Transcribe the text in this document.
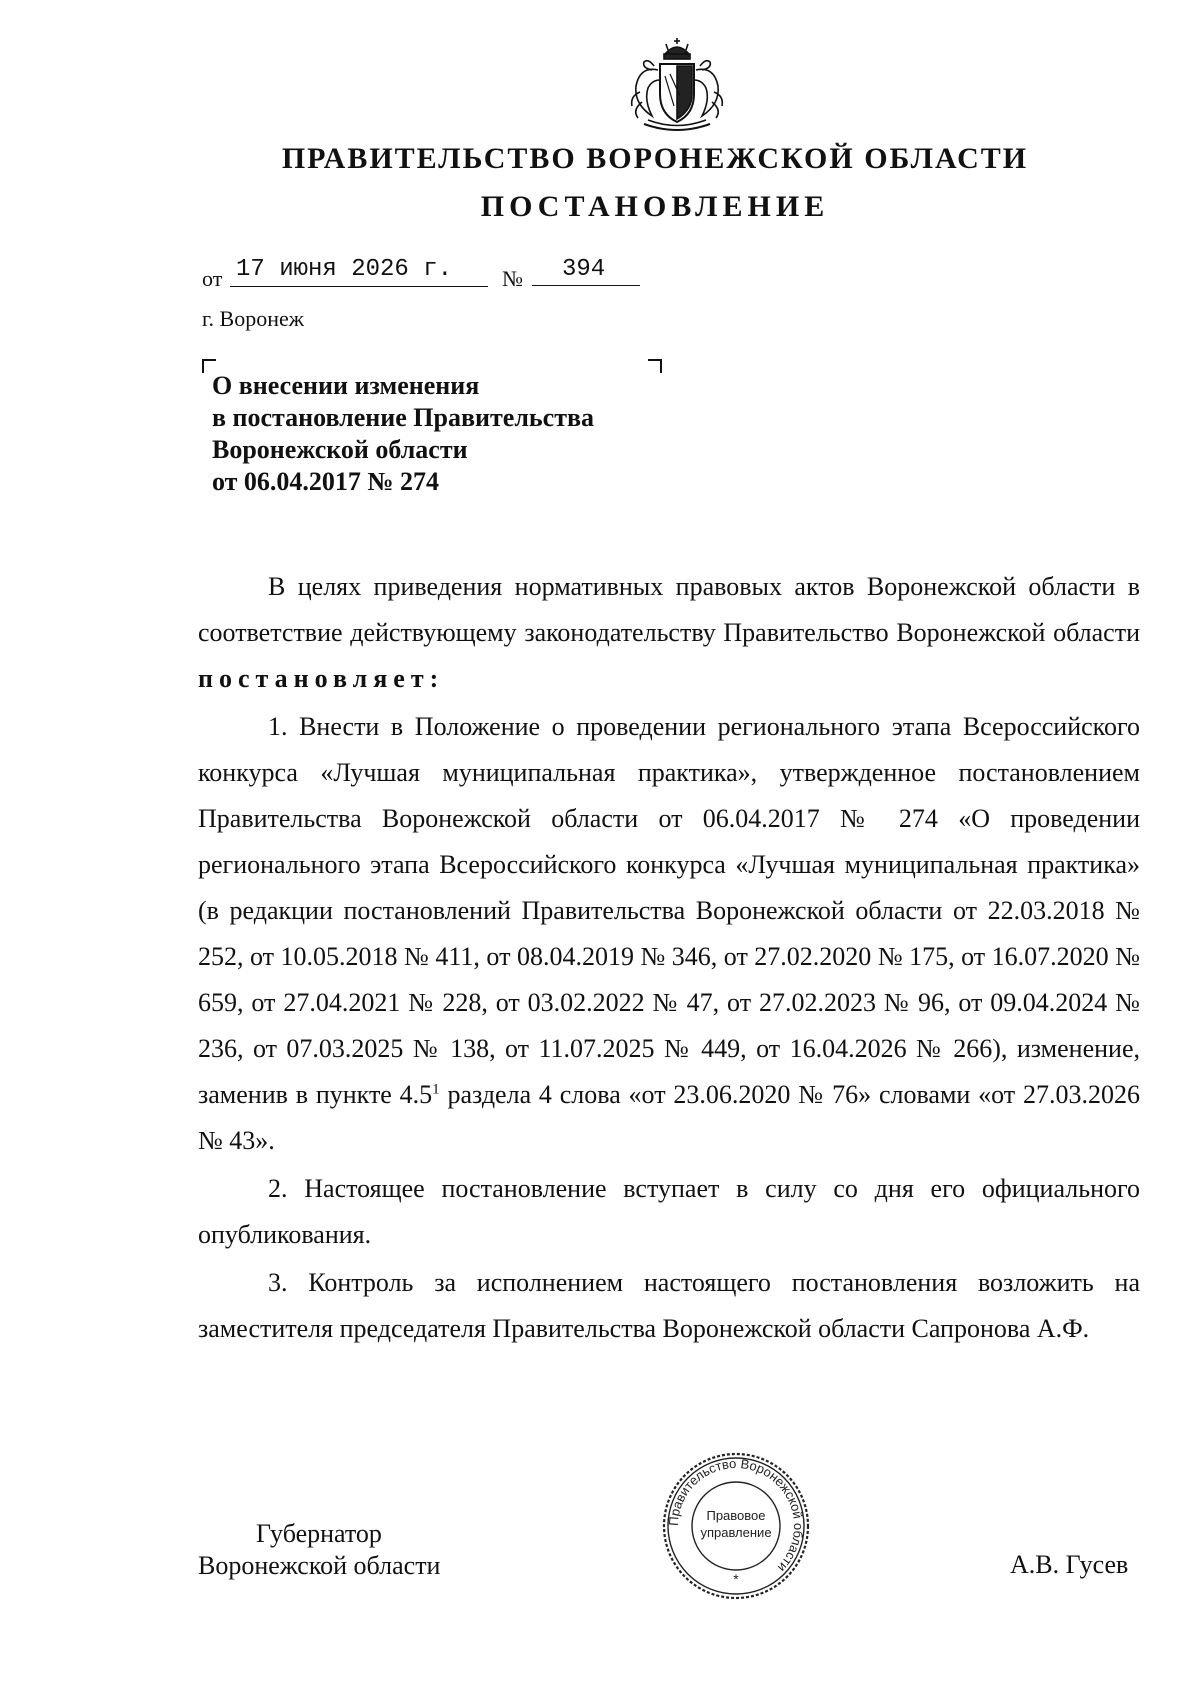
ПРАВИТЕЛЬСТВО ВОРОНЕЖСКОЙ ОБЛАСТИ
ПОСТАНОВЛЕНИЕ
от 17 июня 2026 г.	№	394
г. Воронеж
О внесении изменения
в постановление Правительства
Воронежской области
от 06.04.2017 № 274

В целях приведения нормативных правовых актов Воронежской области в соответствие действующему законодательству Правительство Воронежской области постановляет:

1. Внести в Положение о проведении регионального этапа Всероссийского конкурса «Лучшая муниципальная практика», утвержденное постановлением Правительства Воронежской области от 06.04.2017 № 274 «О проведении регионального этапа Всероссийского конкурса «Лучшая муниципальная практика» (в редакции постановлений Правительства Воронежской области от 22.03.2018 № 252, от 10.05.2018 № 411, от 08.04.2019 № 346, от 27.02.2020 № 175, от 16.07.2020 № 659, от 27.04.2021 № 228, от 03.02.2022 № 47, от 27.02.2023 № 96, от 09.04.2024 № 236, от 07.03.2025 № 138, от 11.07.2025 № 449, от 16.04.2026 № 266), изменение, заменив в пункте $4.5^1$ раздела 4 слова «от 23.06.2020 № 76» словами «от 27.03.2026 № 43».

2. Настоящее постановление вступает в силу со дня его официального опубликования.

3. Контроль за исполнением настоящего постановления возложить на заместителя председателя Правительства Воронежской области Сапронова А.Ф.

Губернатор
Воронежской области
Правительство Воронежской области
Правовое
управление
*	А.В. Гусев
